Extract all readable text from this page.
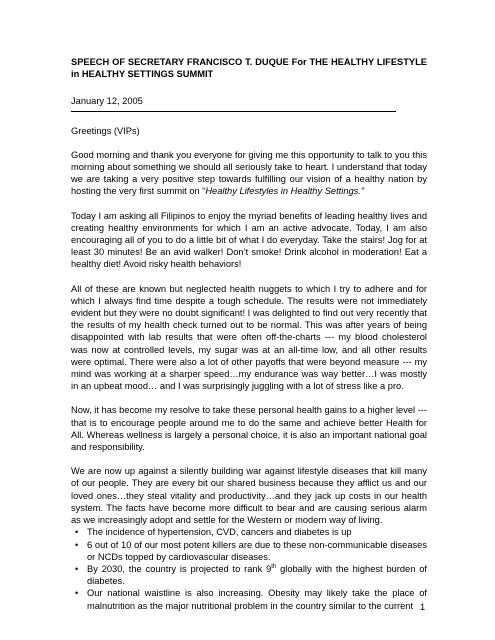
SPEECH OF SECRETARY FRANCISCO T. DUQUE For THE HEALTHY LIFESTYLE in HEALTHY SETTINGS SUMMIT
January 12, 2005

Greetings (VIPs)

Good morning and thank you everyone for giving me this opportunity to talk to you this morning about something we should all seriously take to heart. I understand that today we are taking a very positive step towards fulfilling our vision of a healthy nation by hosting the very first summit on “Healthy Lifestyles in Healthy Settings.”

Today I am asking all Filipinos to enjoy the myriad benefits of leading healthy lives and creating healthy environments for which I am an active advocate. Today, I am also encouraging all of you to do a little bit of what I do everyday. Take the stairs! Jog for at least 30 minutes! Be an avid walker! Don’t smoke! Drink alcohol in moderation! Eat a healthy diet! Avoid risky health behaviors!

All of these are known but neglected health nuggets to which I try to adhere and for which I always find time despite a tough schedule. The results were not immediately evident but they were no doubt significant! I was delighted to find out very recently that the results of my health check turned out to be normal. This was after years of being disappointed with lab results that were often off-the-charts --- my blood cholesterol was now at controlled levels, my sugar was at an all-time low, and all other results were optimal. There were also a lot of other payoffs that were beyond measure --- my mind was working at a sharper speed…my endurance was way better…I was mostly in an upbeat mood… and I was surprisingly juggling with a lot of stress like a pro.

Now, it has become my resolve to take these personal health gains to a higher level --- that is to encourage people around me to do the same and achieve better Health for All. Whereas wellness is largely a personal choice, it is also an important national goal and responsibility.

We are now up against a silently building war against lifestyle diseases that kill many of our people. They are every bit our shared business because they afflict us and our loved ones…they steal vitality and productivity…and they jack up costs in our health system. The facts have become more difficult to bear and are causing serious alarm as we increasingly adopt and settle for the Western or modern way of living.

• The incidence of hypertension, CVD, cancers and diabetes is up
• 6 out of 10 of our most potent killers are due to these non-communicable diseases or NCDs topped by cardiovascular diseases.
• By 2030, the country is projected to rank 9th globally with the highest burden of diabetes.
• Our national waistline is also increasing. Obesity may likely take the place of malnutrition as the major nutritional problem in the country similar to the current 1
